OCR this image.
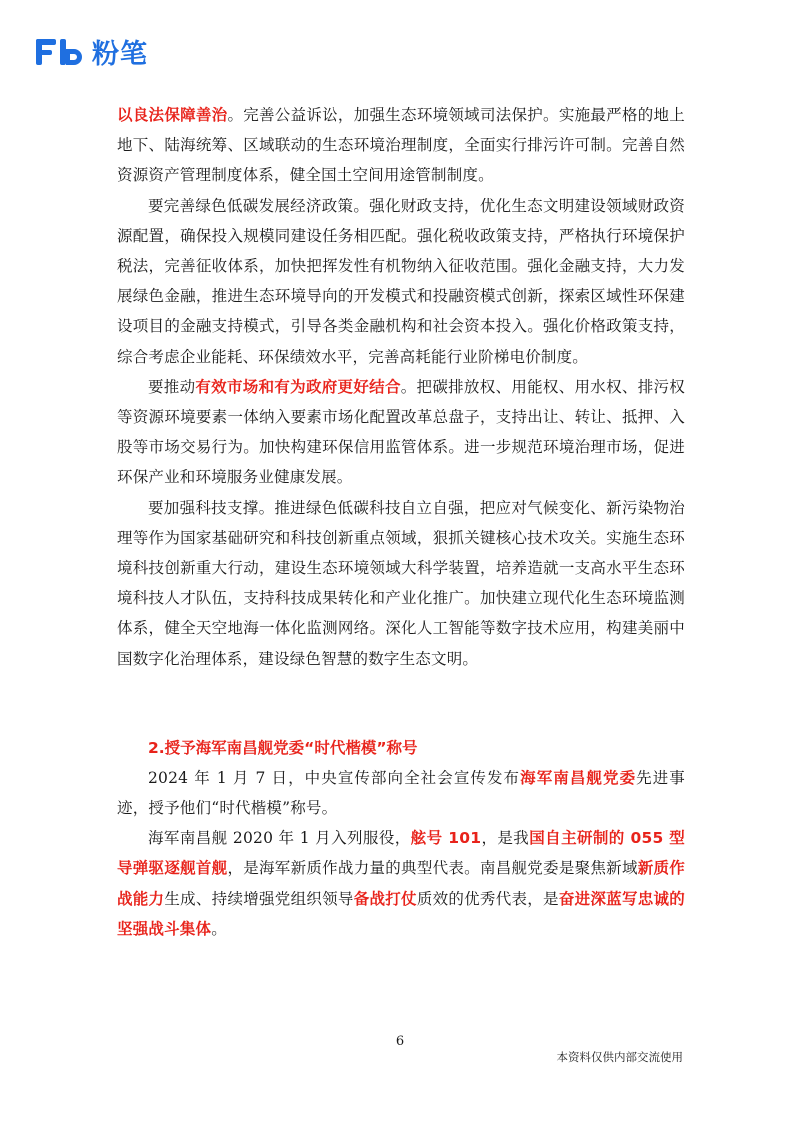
粉笔

以良法保障善治。完善公益诉讼，加强生态环境领域司法保护。实施最严格的地上地下、陆海统筹、区域联动的生态环境治理制度，全面实行排污许可制。完善自然资源资产管理制度体系，健全国土空间用途管制制度。

要完善绿色低碳发展经济政策。强化财政支持，优化生态文明建设领域财政资源配置，确保投入规模同建设任务相匹配。强化税收政策支持，严格执行环境保护税法，完善征收体系，加快把挥发性有机物纳入征收范围。强化金融支持，大力发展绿色金融，推进生态环境导向的开发模式和投融资模式创新，探索区域性环保建设项目的金融支持模式，引导各类金融机构和社会资本投入。强化价格政策支持，综合考虑企业能耗、环保绩效水平，完善高耗能行业阶梯电价制度。

要推动有效市场和有为政府更好结合。把碳排放权、用能权、用水权、排污权等资源环境要素一体纳入要素市场化配置改革总盘子，支持出让、转让、抵押、入股等市场交易行为。加快构建环保信用监管体系。进一步规范环境治理市场，促进环保产业和环境服务业健康发展。

要加强科技支撑。推进绿色低碳科技自立自强，把应对气候变化、新污染物治理等作为国家基础研究和科技创新重点领域，狠抓关键核心技术攻关。实施生态环境科技创新重大行动，建设生态环境领域大科学装置，培养造就一支高水平生态环境科技人才队伍，支持科技成果转化和产业化推广。加快建立现代化生态环境监测体系，健全天空地海一体化监测网络。深化人工智能等数字技术应用，构建美丽中国数字化治理体系，建设绿色智慧的数字生态文明。

2.授予海军南昌舰党委“时代楷模”称号

2024 年 1 月 7 日，中央宣传部向全社会宣传发布海军南昌舰党委先进事迹，授予他们“时代楷模”称号。

海军南昌舰 2020 年 1 月入列服役，舷号 101，是我国自主研制的 055 型导弹驱逐舰首舰，是海军新质作战力量的典型代表。南昌舰党委是聚焦新域新质作战能力生成、持续增强党组织领导备战打仗质效的优秀代表，是奋进深蓝写忠诚的坚强战斗集体。

6
本资料仅供内部交流使用
